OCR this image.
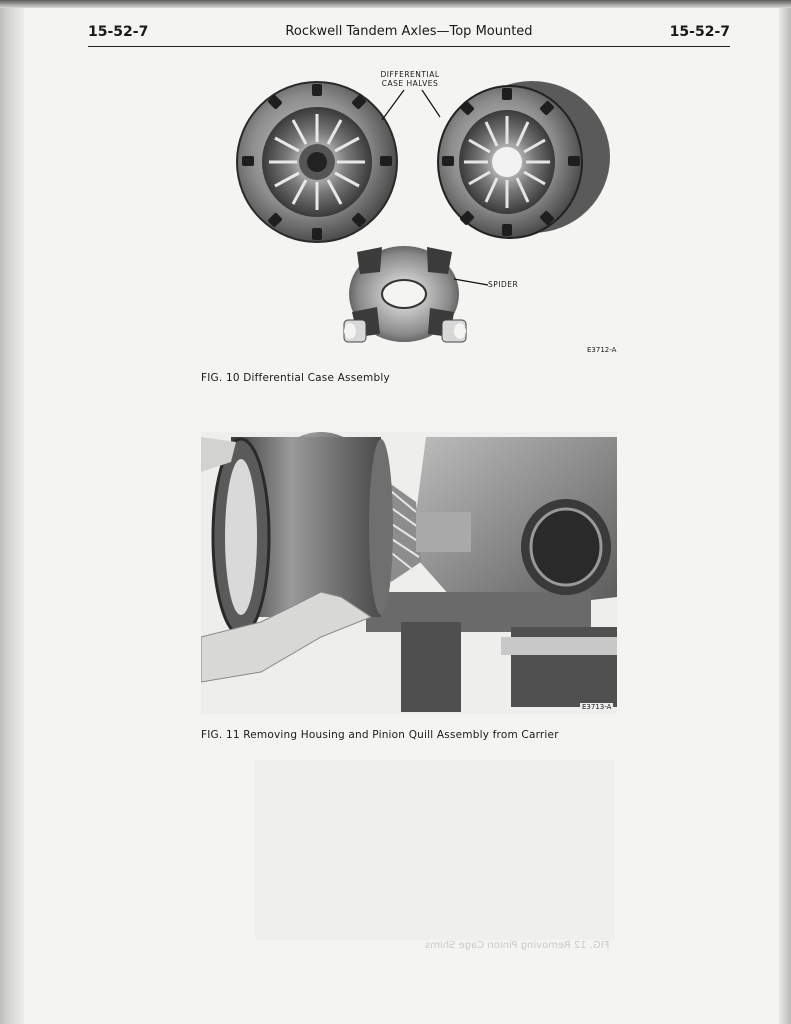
15-52-7	Rockwell Tandem Axles—Top Mounted	15-52-7
DIFFERENTIAL
CASE HALVES
SPIDER
E3712-A
FIG. 10 Differential Case Assembly
E3713-A
FIG. 11 Removing Housing and Pinion Quill Assembly from Carrier
FIG. 12 Removing Pinion Cage Shims
